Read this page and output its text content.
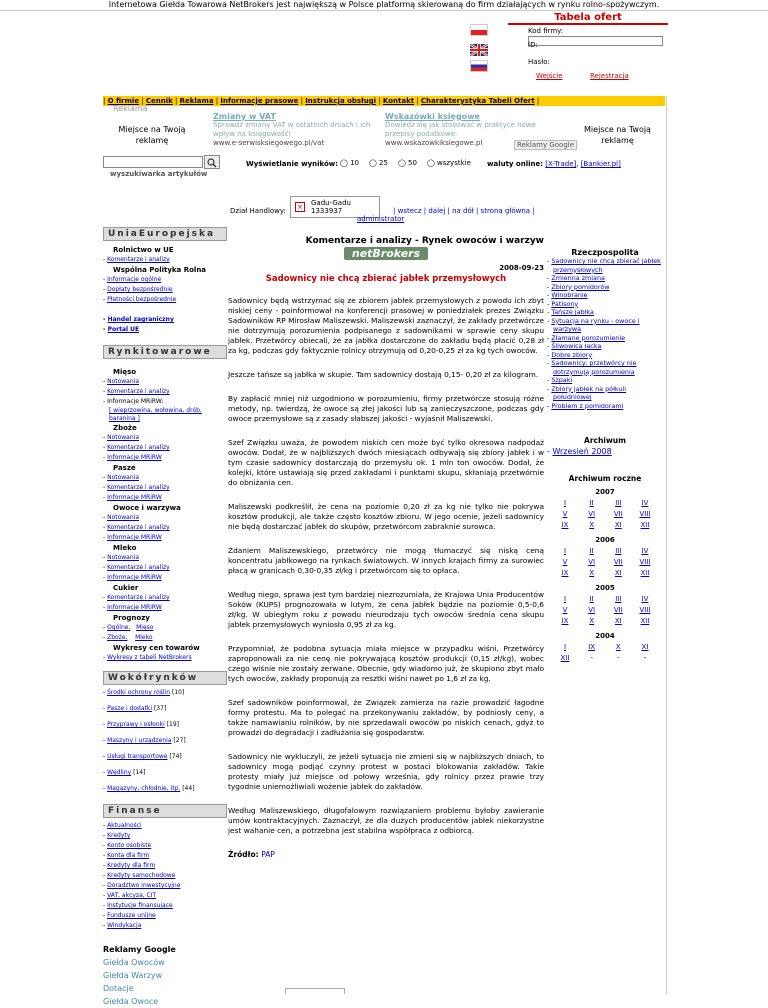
Internetowa Giełda Towarowa NetBrokers jest największą w Polsce platformą skierowaną do firm działających w rynku rolno-spożywczym.
Tabela ofert
Kod firmy:
ID:
Hasło:
Wejście	Rejestracja
| O firmie | Cennik | Reklama | Informacje prasowe | Instrukcja obsługi | Kontakt | Charakterystyka Tabeli Ofert |
Reklama
Miejsce na Twoją reklamę
Miejsce na Twoją reklamę
Zmiany w VAT
Sprawdź zmiany VAT w ostatnich dniach i ich wpływ na księgowość!
www.e-serwisksiegowego.pl/vat
Wskazówki księgowe
Dowiedz się jak stosować w praktyce nowe przepisy podatkowe.
www.wskazowkiksiegowe.pl	Reklamy Google
wyszukiwarka artykułów
Wyświetlanie wyników: ◯ 10 ◯ 25 ◯ 50 ◯ wszystkie waluty online: [X-Trade], [Bankier.pl]
Dział Handlowy: × Gadu-Gadu 1333937	| wstecz | dalej | na dół | strona główna |
administrator
UniaEuropejska
Rolnictwo w UE
- Komentarze i analizy
Wspólna Polityka Rolna
- Informacje ogólne
- Dopłaty bezpośrednie
- Płatności bezpośrednie
- Handel zagraniczny
- Portal UE
Rynkitowarowe
Mięso
- Notowania
- Komentarze i analizy
- Informacje MRiRW:
[ wieprzowina, wołowina, drób, baranina ]
Zboże
- Notowania
- Komentarze i analizy
- Informacje MRiRW
Pasze
- Notowania
- Komentarze i analizy
- Informacje MRiRW
Owoce i warzywa
- Notowania
- Komentarze i analizy
- Informacje MRiRW
Mleko
- Notowania
- Komentarze i analizy
- Informacje MRiRW
Cukier
- Komentarze i analizy
- Informacje MRiRW
Prognozy
- Ogólne, Mięso
- Zboże, Mleko
Wykresy cen towarów
- Wykresy z tabeli NetBrokers
Wokółrynków
- Środki ochrony roślin [10]
- Pasze i dodatki [37]
- Przyprawy i osłonki [19]
- Maszyny i urządzenia [27]
- Usługi transportowe [74]
- Wędliny [14]
- Magazyny, chłodnie, itp. [44]
Finanse
- Aktualności
- Kredyty
- Konto osobiste
- Konta dla firm
- Kredyty dla firm
- Kredyty samochodowe
- Doradztwo inwestycyjne
- VAT, akcyza, CIT
- Instytucje finansujące
- Fundusze unijne
- Windykacja
Reklamy Google
Giełda Owoców
Giełda Warzyw
Dotacje
Giełda Owoce
Komentarze i analizy - Rynek owoców i warzyw
netBrokers
2008-09-23
Sadownicy nie chcą zbierać jabłek przemysłowych

Sadownicy będą wstrzymać się ze zbiorem jabłek przemysłowych z powodu ich zbyt niskiej ceny - poinformował na konferencji prasowej w poniedziałek prezes Związku Sadowników RP Mirosław Maliszewski. Maliszewski zaznaczył, że zakłady przetwórcze nie dotrzymują porozumienia podpisanego z sadownikami w sprawie ceny skupu jabłek. Przetwórcy obiecali, że za jabłka dostarczone do zakładu będą płacić 0,28 zł za kg, podczas gdy faktycznie rolnicy otrzymują od 0,20-0,25 zł za kg tych owoców.

Jeszcze tańsze są jabłka w skupie. Tam sadownicy dostają 0,15- 0,20 zł za kilogram.

By zapłacić mniej niż uzgodniono w porozumieniu, firmy przetwórcze stosują różne metody, np. twierdzą, że owoce są złej jakości lub są zanieczyszczone, podczas gdy owoce przemysłowe są z zasady słabszej jakości - wyjaśnił Maliszewski.

Szef Związku uważa, że powodem niskich cen może być tylko okresowa nadpodaż owoców. Dodał, że w najbliższych dwóch miesiącach odbywają się zbiory jabłek i w tym czasie sadownicy dostarczają do przemysłu ok. 1 mln ton owoców. Dodał, że kolejki, które ustawiają się przed zakładami i punktami skupu, skłaniają przetwórnie do obniżania cen.

Maliszewski podkreślił, że cena na poziomie 0,20 zł za kg nie tylko nie pokrywa kosztów produkcji, ale także często kosztów zbioru. W jego ocenie, jeżeli sadownicy nie będą dostarczać jabłek do skupów, przetwórcom zabraknie surowca.

Zdaniem Maliszewskiego, przetwórcy nie mogą tłumaczyć się niską ceną koncentratu jabłkowego na rynkach światowych. W innych krajach firmy za surowiec płacą w granicach 0,30-0,35 zł/kg i przetwórcom się to opłaca.

Według niego, sprawa jest tym bardziej niezrozumiała, że Krajowa Unia Producentów Soków (KUPS) prognozowała w lutym, że cena jabłek będzie na poziomie 0,5-0,6 zł/kg. W ubiegłym roku z powodu nieurodzaju tych owoców średnia cena skupu jabłek przemysłowych wyniosła 0,95 zł za kg.

Przypomniał, że podobna sytuacja miała miejsce w przypadku wiśni. Przetwórcy zaproponowali za nie cenę nie pokrywającą kosztów produkcji (0,15 zł/kg), wobec czego wiśnie nie zostały zerwane. Obecnie, gdy wiadomo już, że skupiono zbyt mało tych owoców, zakłady proponują za resztki wiśni nawet po 1,6 zł za kg.

Szef sadowników poinformował, że Związek zamierza na razie prowadzić łagodne formy protestu. Ma to polegać na przekonywaniu zakładów, by podniosły ceny, a także namawianiu rolników, by nie sprzedawali owoców po niskich cenach, gdyż to prowadzi do degradacji i zadłużania się gospodarstw.

Sadownicy nie wykluczyli, że jeżeli sytuacja nie zmieni się w najbliższych dniach, to sadownicy mogą podjąć czynny protest w postaci blokowania zakładów. Takie protesty miały już miejsce od połowy września, gdy rolnicy przez prawie trzy tygodnie uniemożliwiali wożenie jabłek do zakładów.

Według Maliszewskiego, długofalowym rozwiązaniem problemu byłoby zawieranie umów kontraktacyjnych. Zaznaczył, że dla dużych producentów jabłek niekorzystne jest wahanie cen, a potrzebna jest stabilna współpraca z odbiorcą.

Źródło: PAP
Rzeczpospolita
- Sadownicy nie chcą zbierać jabłek przemysłowych
- Zmienna zmiana
- Zbiory pomidorów
- Winobranie
- Patisony
- Tańsze jabłka
- Sytuacja na rynku - owoce i warzywa
- Złamane porozumienie
- Śliwowica łącka
- Dobre zbiory
- Sadownicy: przetwórcy nie dotrzymują porozumienia
- Szpaki
- Zbiory jabłek na półkuli południowej
- Problem z pomidorami
Archiwum
- Wrzesień 2008
Archiwum roczne
2007
I	II	III	IV
V	VI	VII	VIII
IX	X	XI	XII
2006
I	II	III	IV
V	VI	VII	VIII
IX	X	XI	XII
2005
I	II	III	IV
V	VI	VII	VIII
IX	X	XI	XII
2004
I	IX	X	XI
XII	-	-	-
